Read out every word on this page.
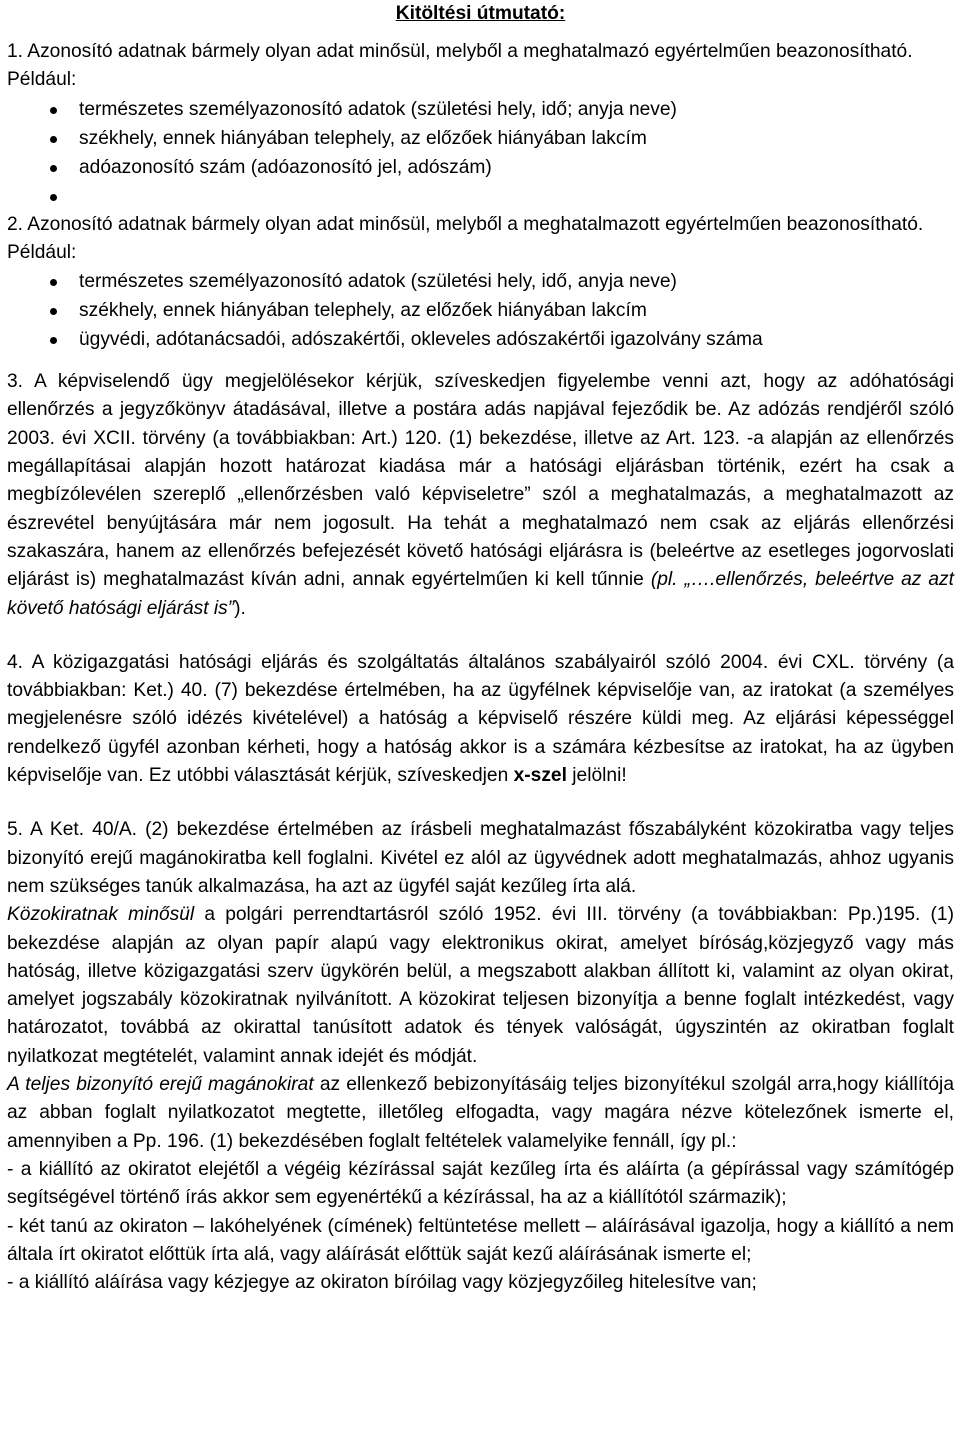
Kitöltési útmutató:

1. Azonosító adatnak bármely olyan adat minősül, melyből a meghatalmazó egyértelműen beazonosítható. Például:

természetes személyazonosító adatok (születési hely, idő; anyja neve)
székhely, ennek hiányában telephely, az előzőek hiányában lakcím
adóazonosító szám (adóazonosító jel, adószám)

2. Azonosító adatnak bármely olyan adat minősül, melyből a meghatalmazott egyértelműen beazonosítható. Például:

természetes személyazonosító adatok (születési hely, idő, anyja neve)
székhely, ennek hiányában telephely, az előzőek hiányában lakcím
ügyvédi, adótanácsadói, adószakértői, okleveles adószakértői igazolvány száma

3. A képviselendő ügy megjelölésekor kérjük, szíveskedjen figyelembe venni azt, hogy az adóhatósági ellenőrzés a jegyzőkönyv átadásával, illetve a postára adás napjával fejeződik be. Az adózás rendjéről szóló 2003. évi XCII. törvény (a továbbiakban: Art.) 120. (1) bekezdése, illetve az Art. 123. -a alapján az ellenőrzés megállapításai alapján hozott határozat kiadása már a hatósági eljárásban történik, ezért ha csak a megbízólevélen szereplő „ellenőrzésben való képviseletre” szól a meghatalmazás, a meghatalmazott az észrevétel benyújtására már nem jogosult. Ha tehát a meghatalmazó nem csak az eljárás ellenőrzési szakaszára, hanem az ellenőrzés befejezését követő hatósági eljárásra is (beleértve az esetleges jogorvoslati eljárást is) meghatalmazást kíván adni, annak egyértelműen ki kell tűnnie (pl. „….ellenőrzés, beleértve az azt követő hatósági eljárást is”).

4. A közigazgatási hatósági eljárás és szolgáltatás általános szabályairól szóló 2004. évi CXL. törvény (a továbbiakban: Ket.) 40. (7) bekezdése értelmében, ha az ügyfélnek képviselője van, az iratokat (a személyes megjelenésre szóló idézés kivételével) a hatóság a képviselő részére küldi meg. Az eljárási képességgel rendelkező ügyfél azonban kérheti, hogy a hatóság akkor is a számára kézbesítse az iratokat, ha az ügyben képviselője van. Ez utóbbi választását kérjük, szíveskedjen x-szel jelölni!

5. A Ket. 40/A. (2) bekezdése értelmében az írásbeli meghatalmazást főszabályként közokiratba vagy teljes bizonyító erejű magánokiratba kell foglalni. Kivétel ez alól az ügyvédnek adott meghatalmazás, ahhoz ugyanis nem szükséges tanúk alkalmazása, ha azt az ügyfél saját kezűleg írta alá.

Közokiratnak minősül a polgári perrendtartásról szóló 1952. évi III. törvény (a továbbiakban: Pp.)195. (1) bekezdése alapján az olyan papír alapú vagy elektronikus okirat, amelyet bíróság,közjegyző vagy más hatóság, illetve közigazgatási szerv ügykörén belül, a megszabott alakban állított ki, valamint az olyan okirat, amelyet jogszabály közokiratnak nyilvánított. A közokirat teljesen bizonyítja a benne foglalt intézkedést, vagy határozatot, továbbá az okirattal tanúsított adatok és tények valóságát, úgyszintén az okiratban foglalt nyilatkozat megtételét, valamint annak idejét és módját.

A teljes bizonyító erejű magánokirat az ellenkező bebizonyításáig teljes bizonyítékul szolgál arra,hogy kiállítója az abban foglalt nyilatkozatot megtette, illetőleg elfogadta, vagy magára nézve kötelezőnek ismerte el, amennyiben a Pp. 196. (1) bekezdésében foglalt feltételek valamelyike fennáll, így pl.:

- a kiállító az okiratot elejétől a végéig kézírással saját kezűleg írta és aláírta (a gépírással vagy számítógép segítségével történő írás akkor sem egyenértékű a kézírással, ha az a kiállítótól származik);

- két tanú az okiraton – lakóhelyének (címének) feltüntetése mellett – aláírásával igazolja, hogy a kiállító a nem általa írt okiratot előttük írta alá, vagy aláírását előttük saját kezű aláírásának ismerte el;

- a kiállító aláírása vagy kézjegye az okiraton bíróilag vagy közjegyzőileg hitelesítve van;
